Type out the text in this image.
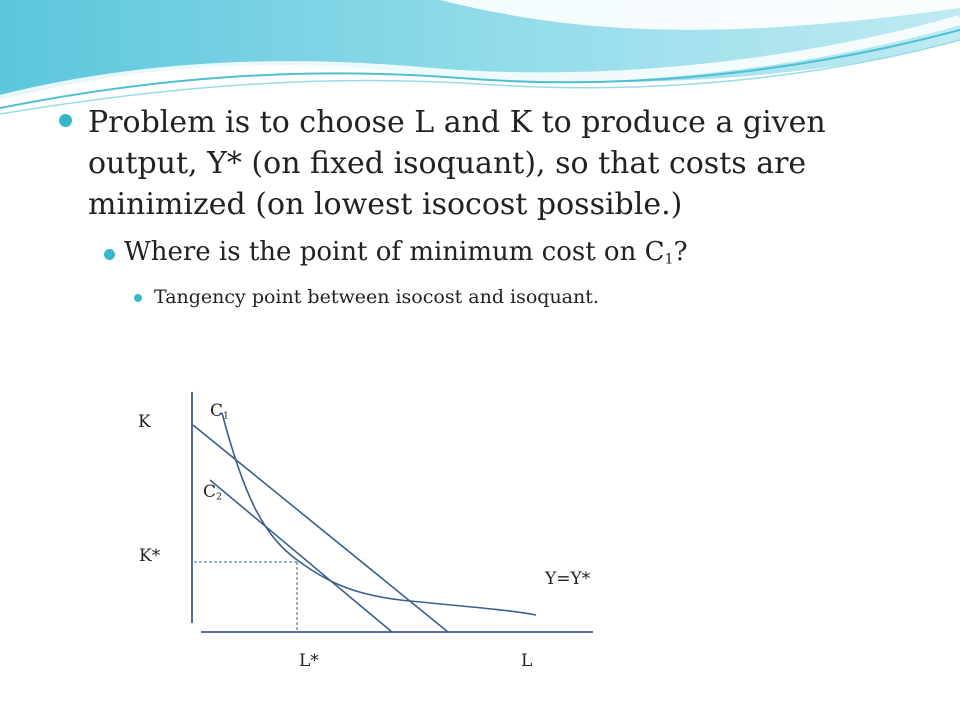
Problem is to choose L and K to produce a given output, Y* (on fixed isoquant), so that costs are minimized (on lowest isocost possible.)
Where is the point of minimum cost on $C_1$?
Tangency point between isocost and isoquant.
K
L
K*
L*
$C_1$
$C_2$
Y=Y*
